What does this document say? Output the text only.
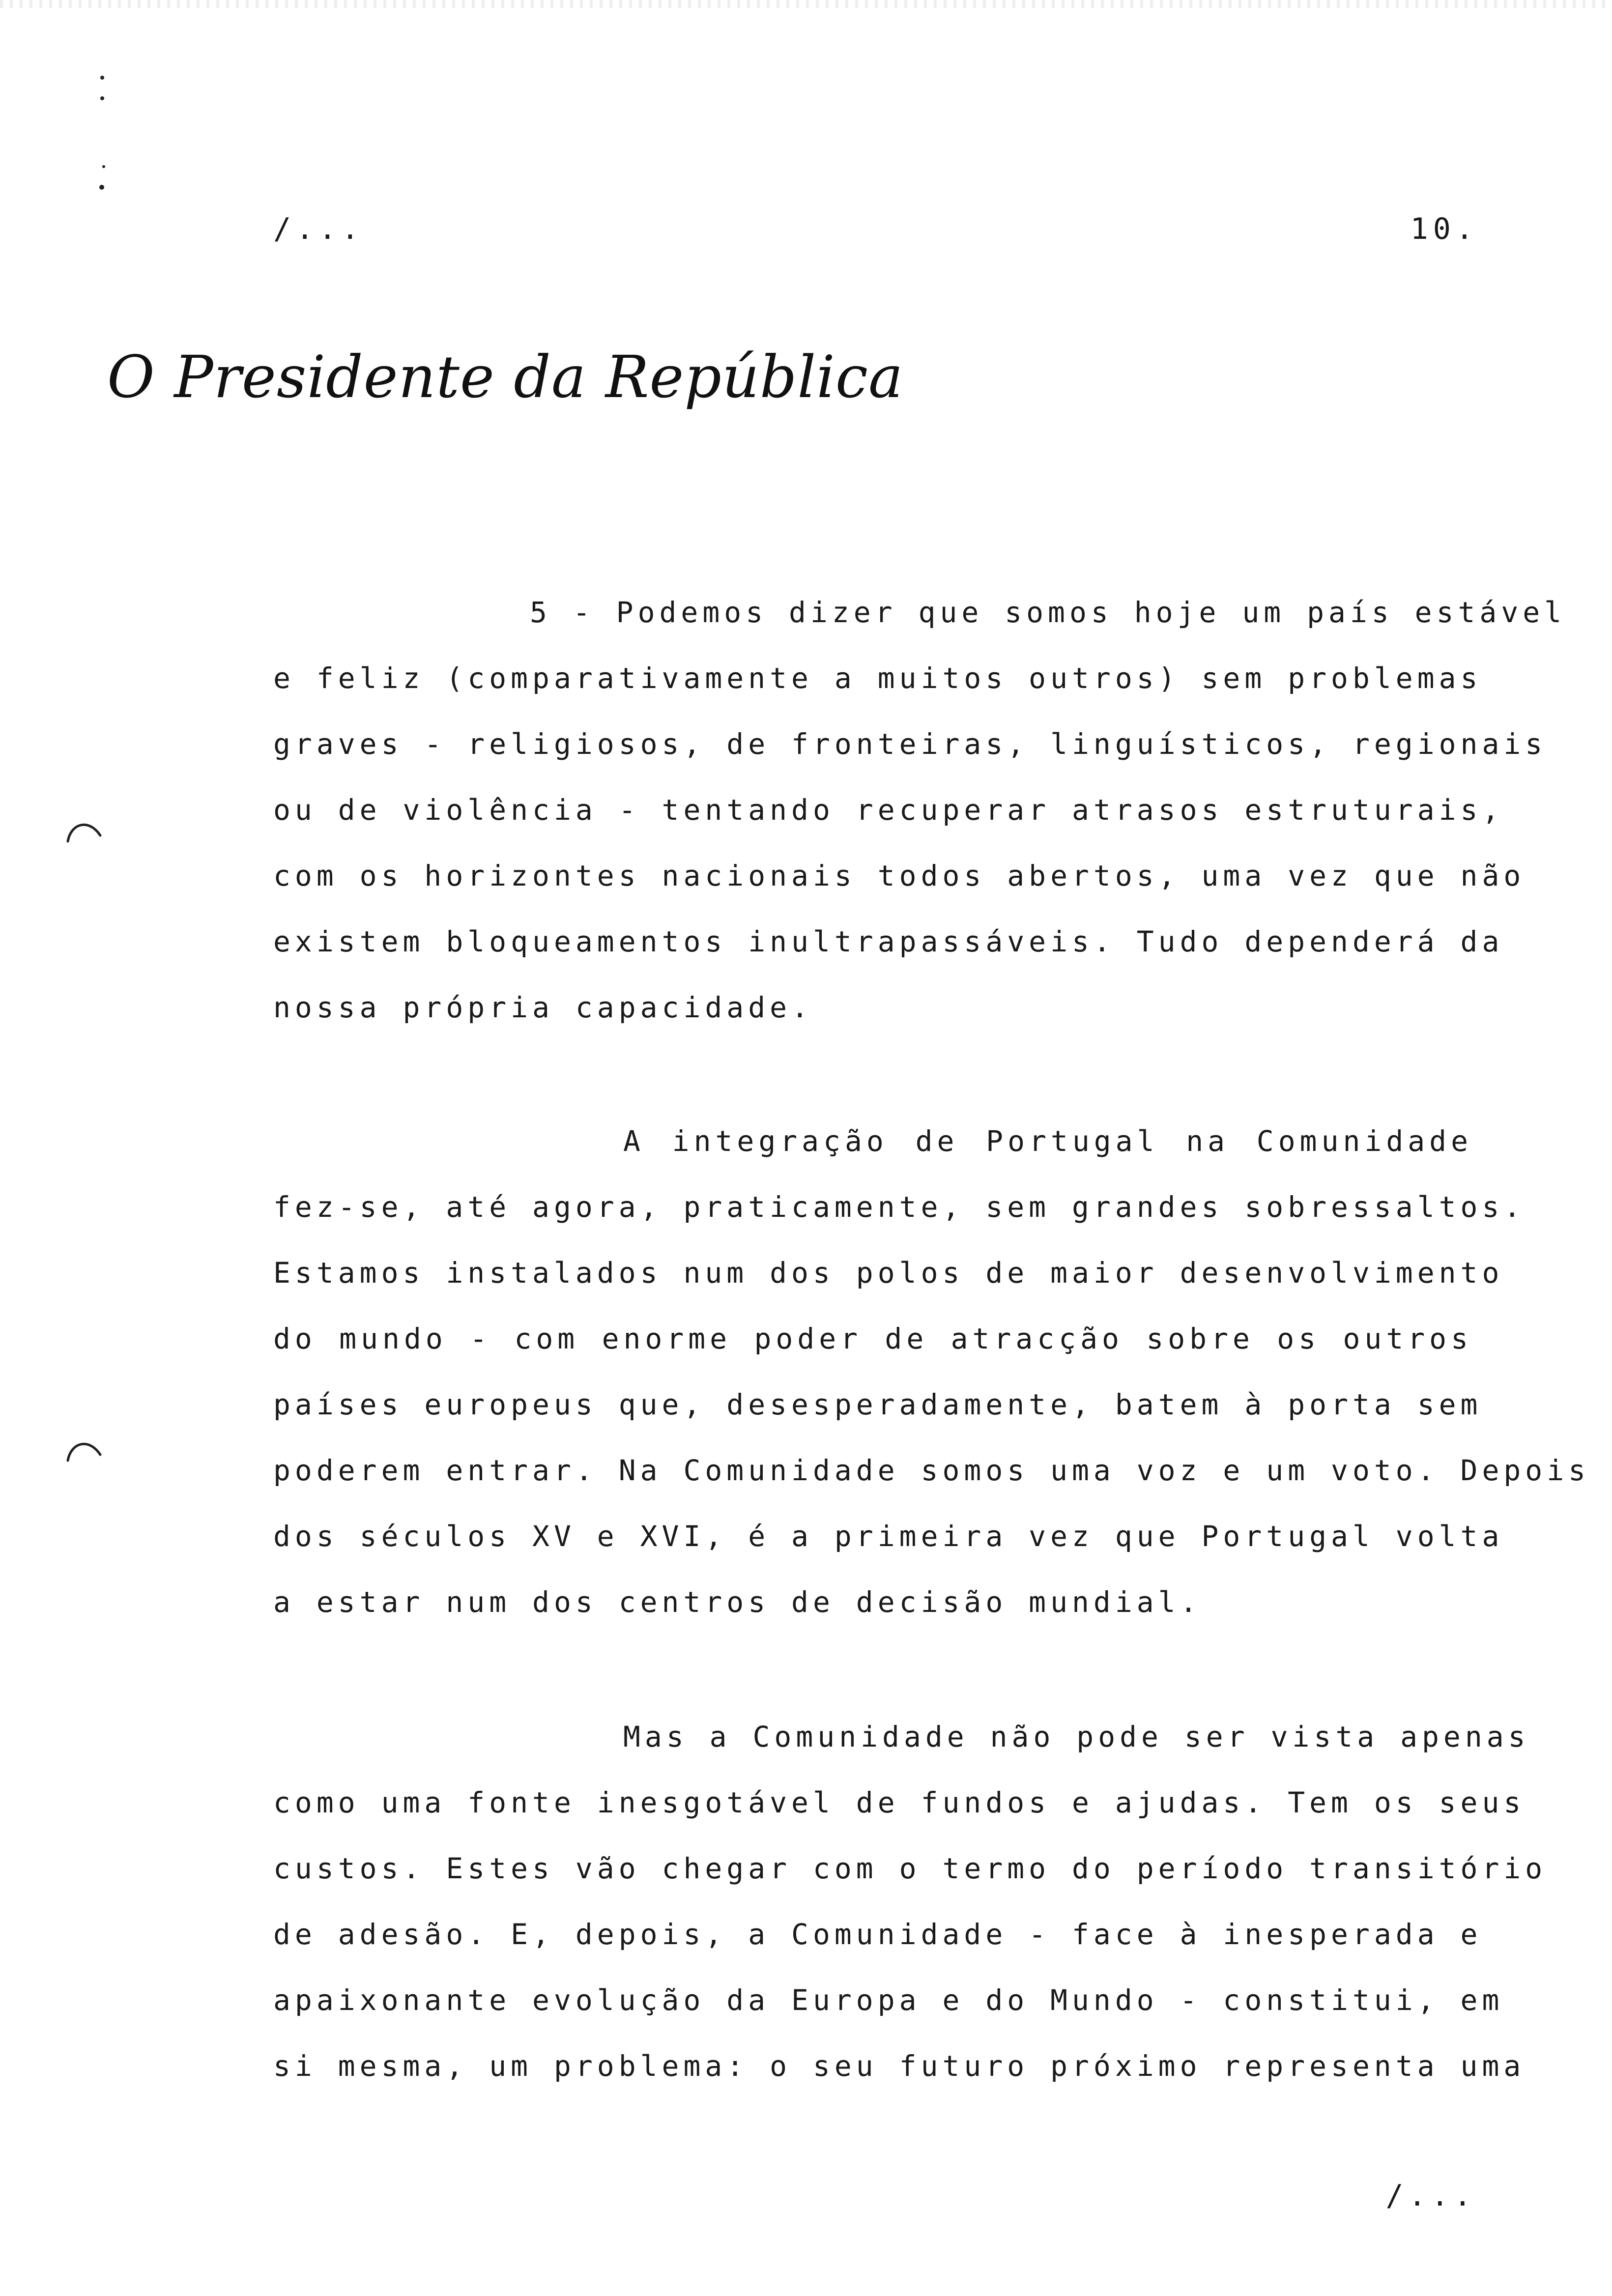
/...	10.
O Presidente da República
5 - Podemos dizer que somos hoje um país estável
e feliz (comparativamente a muitos outros) sem problemas
graves - religiosos, de fronteiras, linguísticos, regionais
ou de violência - tentando recuperar atrasos estruturais,
com os horizontes nacionais todos abertos, uma vez que não
existem bloqueamentos inultrapassáveis. Tudo dependerá da
nossa própria capacidade.
A integração de Portugal na Comunidade
fez-se, até agora, praticamente, sem grandes sobressaltos.
Estamos instalados num dos polos de maior desenvolvimento
do mundo - com enorme poder de atracção sobre os outros
países europeus que, desesperadamente, batem à porta sem
poderem entrar. Na Comunidade somos uma voz e um voto. Depois
dos séculos XV e XVI, é a primeira vez que Portugal volta
a estar num dos centros de decisão mundial.
Mas a Comunidade não pode ser vista apenas
como uma fonte inesgotável de fundos e ajudas. Tem os seus
custos. Estes vão chegar com o termo do período transitório
de adesão. E, depois, a Comunidade - face à inesperada e
apaixonante evolução da Europa e do Mundo - constitui, em
si mesma, um problema: o seu futuro próximo representa uma
/...
